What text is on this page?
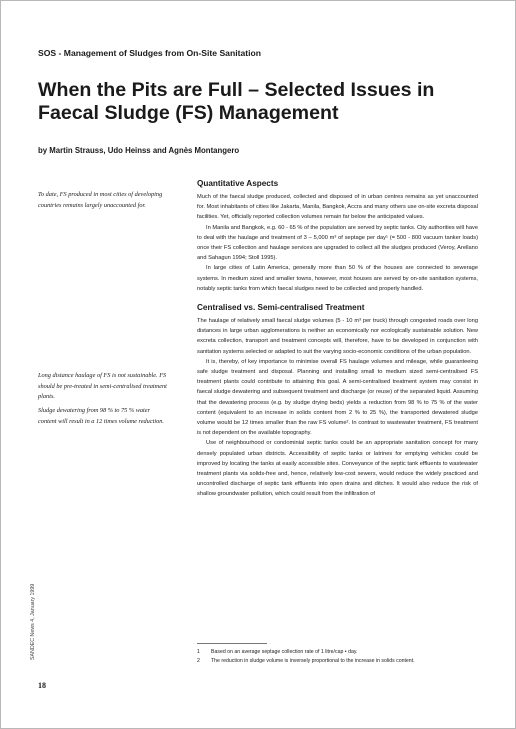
SOS - Management of Sludges from On-Site Sanitation
When the Pits are Full – Selected Issues in Faecal Sludge (FS) Management
by Martin Strauss, Udo Heinss and Agnès Montangero

To date, FS produced in most cities of developing countries remains largely unaccounted for.

Long distance haulage of FS is not sustainable. FS should be pre-treated in semi-centralised treatment plants.

Sludge dewatering from 98 % to 75 % water content will result in a 12 times volume reduction.

SANDEC News 4, January 1999
18
Quantitative Aspects

Much of the faecal sludge produced, collected and disposed of in urban centres remains as yet unaccounted for. Most inhabitants of cities like Jakarta, Manila, Bangkok, Accra and many others use on-site excreta disposal facilities. Yet, officially reported collection volumes remain far below the anticipated values.

In Manila and Bangkok, e.g. 60 - 65 % of the population are served by septic tanks. City authorities will have to deal with the haulage and treatment of 3 – 5,000 m³ of septage per day¹ (= 500 - 800 vacuum tanker loads) once their FS collection and haulage services are upgraded to collect all the sludges produced (Veroy, Arellano and Sahagun 1994; Stoll 1995).

In large cities of Latin America, generally more than 50 % of the houses are connected to sewerage systems. In medium sized and smaller towns, however, most houses are served by on-site sanitation systems, notably septic tanks from which faecal sludges need to be collected and properly handled.

Centralised vs. Semi-centralised Treatment

The haulage of relatively small faecal sludge volumes (5 - 10 m³ per truck) through congested roads over long distances in large urban agglomerations is neither an economically nor ecologically sustainable solution. New excreta collection, transport and treatment concepts will, therefore, have to be developed in conjunction with sanitation systems selected or adapted to suit the varying socio-economic conditions of the urban population.

It is, thereby, of key importance to minimise overall FS haulage volumes and mileage, while guaranteeing safe sludge treatment and disposal. Planning and installing small to medium sized semi-centralised FS treatment plants could contribute to attaining this goal. A semi-centralised treatment system may consist in faecal sludge dewatering and subsequent treatment and discharge (or reuse) of the separated liquid. Assuming that the dewatering process (e.g. by sludge drying beds) yields a reduction from 98 % to 75 % of the water content (equivalent to an increase in solids content from 2 % to 25 %), the transported dewatered sludge volume would be 12 times smaller than the raw FS volume². In contrast to wastewater treatment, FS treatment is not dependent on the available topography.

Use of neighbourhood or condominial septic tanks could be an appropriate sanitation concept for many densely populated urban districts. Accessibility of septic tanks or latrines for emptying vehicles could be improved by locating the tanks at easily accessible sites. Conveyance of the septic tank effluents to wastewater treatment plants via solids-free and, hence, relatively low-cost sewers, would reduce the widely practiced and uncontrolled discharge of septic tank effluents into open drains and ditches. It would also reduce the risk of shallow groundwater pollution, which could result from the infiltration of

1 Based on an average septage collection rate of 1 litre/cap • day.

2 The reduction in sludge volume is inversely proportional to the increase in solids content.
